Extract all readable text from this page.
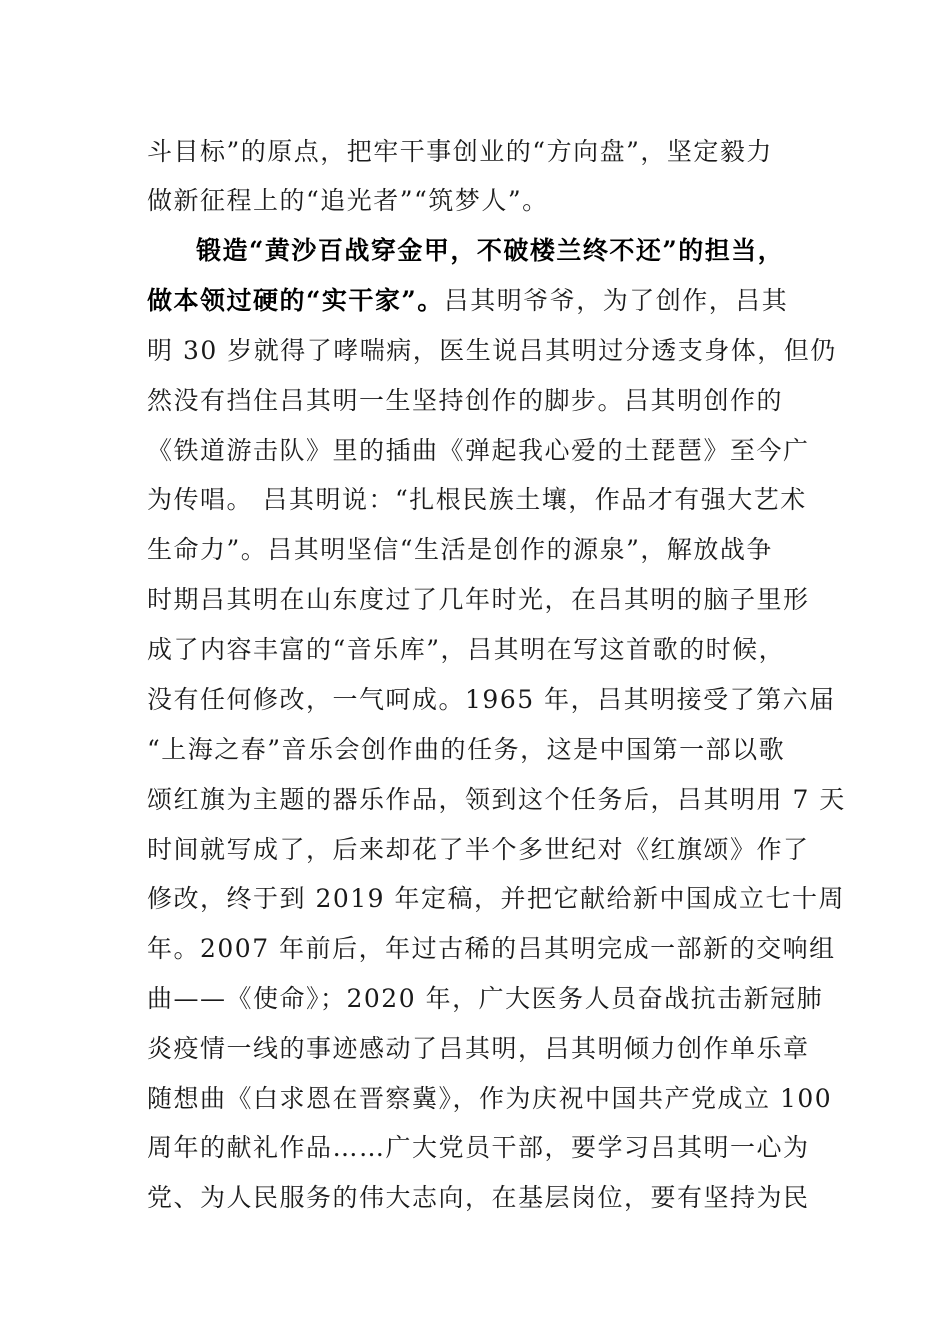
斗目标”的原点，把牢干事创业的“方向盘”，坚定毅力
做新征程上的“追光者”“筑梦人”。
锻造“黄沙百战穿金甲，不破楼兰终不还”的担当，
做本领过硬的“实干家”。吕其明爷爷，为了创作，吕其
明 30 岁就得了哮喘病，医生说吕其明过分透支身体，但仍
然没有挡住吕其明一生坚持创作的脚步。吕其明创作的
《铁道游击队》里的插曲《弹起我心爱的土琵琶》至今广
为传唱。 吕其明说：“扎根民族土壤，作品才有强大艺术
生命力”。吕其明坚信“生活是创作的源泉”，解放战争
时期吕其明在山东度过了几年时光，在吕其明的脑子里形
成了内容丰富的“音乐库”，吕其明在写这首歌的时候，
没有任何修改，一气呵成。1965 年，吕其明接受了第六届
“上海之春”音乐会创作曲的任务，这是中国第一部以歌
颂红旗为主题的器乐作品，领到这个任务后，吕其明用 7 天
时间就写成了，后来却花了半个多世纪对《红旗颂》作了
修改，终于到 2019 年定稿，并把它献给新中国成立七十周
年。2007 年前后，年过古稀的吕其明完成一部新的交响组
曲——《使命》；2020 年，广大医务人员奋战抗击新冠肺
炎疫情一线的事迹感动了吕其明，吕其明倾力创作单乐章
随想曲《白求恩在晋察冀》，作为庆祝中国共产党成立 100
周年的献礼作品……广大党员干部，要学习吕其明一心为
党、为人民服务的伟大志向，在基层岗位，要有坚持为民
